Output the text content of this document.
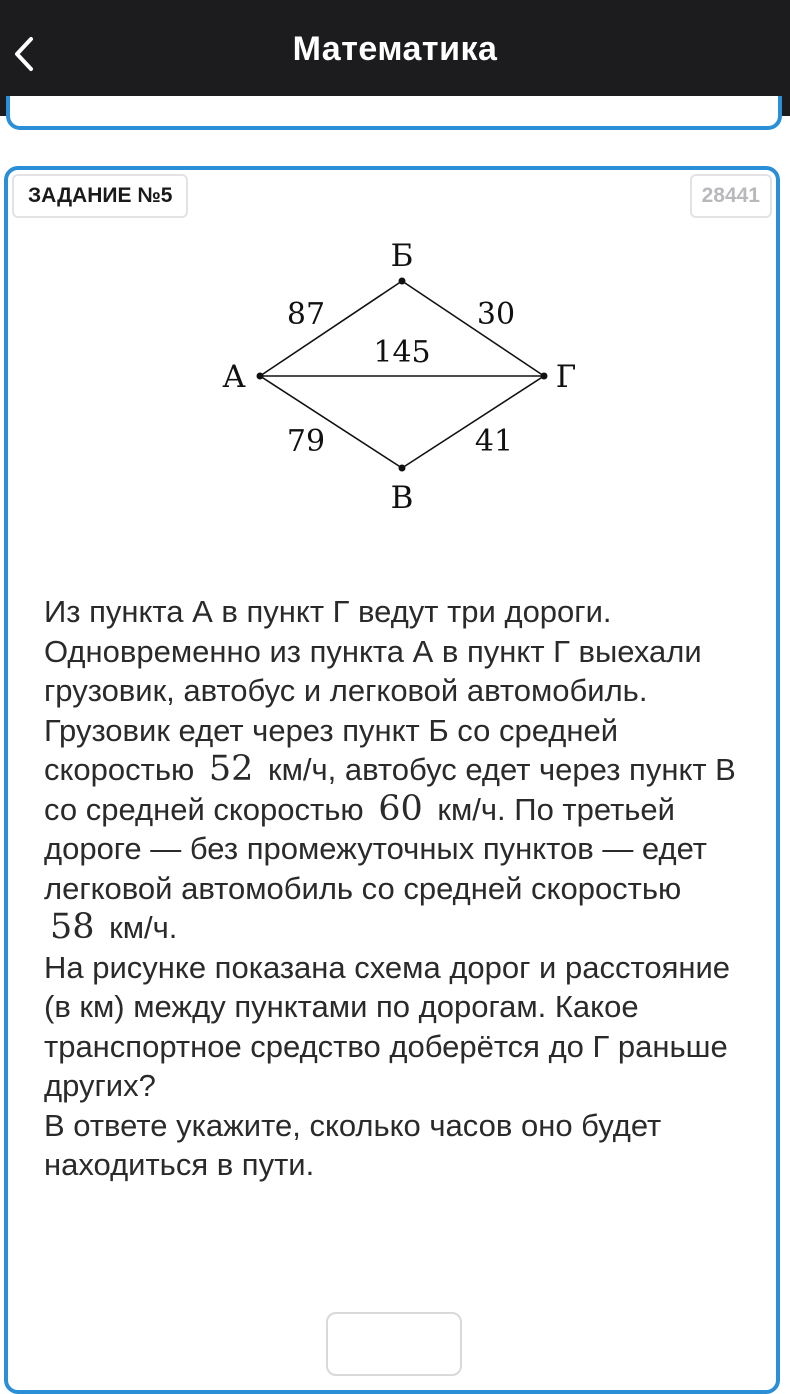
Математика
ЗАДАНИЕ №5	28441
Б
А	Г
В
87	30
145
79	41

Из пункта А в пункт Г ведут три дороги. Одновременно из пункта А в пункт Г выехали грузовик, автобус и легковой автомобиль. Грузовик едет через пункт Б со средней скоростью 52 км/ч, автобус едет через пункт В со средней скоростью 60 км/ч. По третьей дороге — без промежуточных пунктов — едет легковой автомобиль со средней скоростью 58 км/ч.

На рисунке показана схема дорог и расстояние (в км) между пунктами по дорогам. Какое транспортное средство доберётся до Г раньше других?

В ответе укажите, сколько часов оно будет находиться в пути.
